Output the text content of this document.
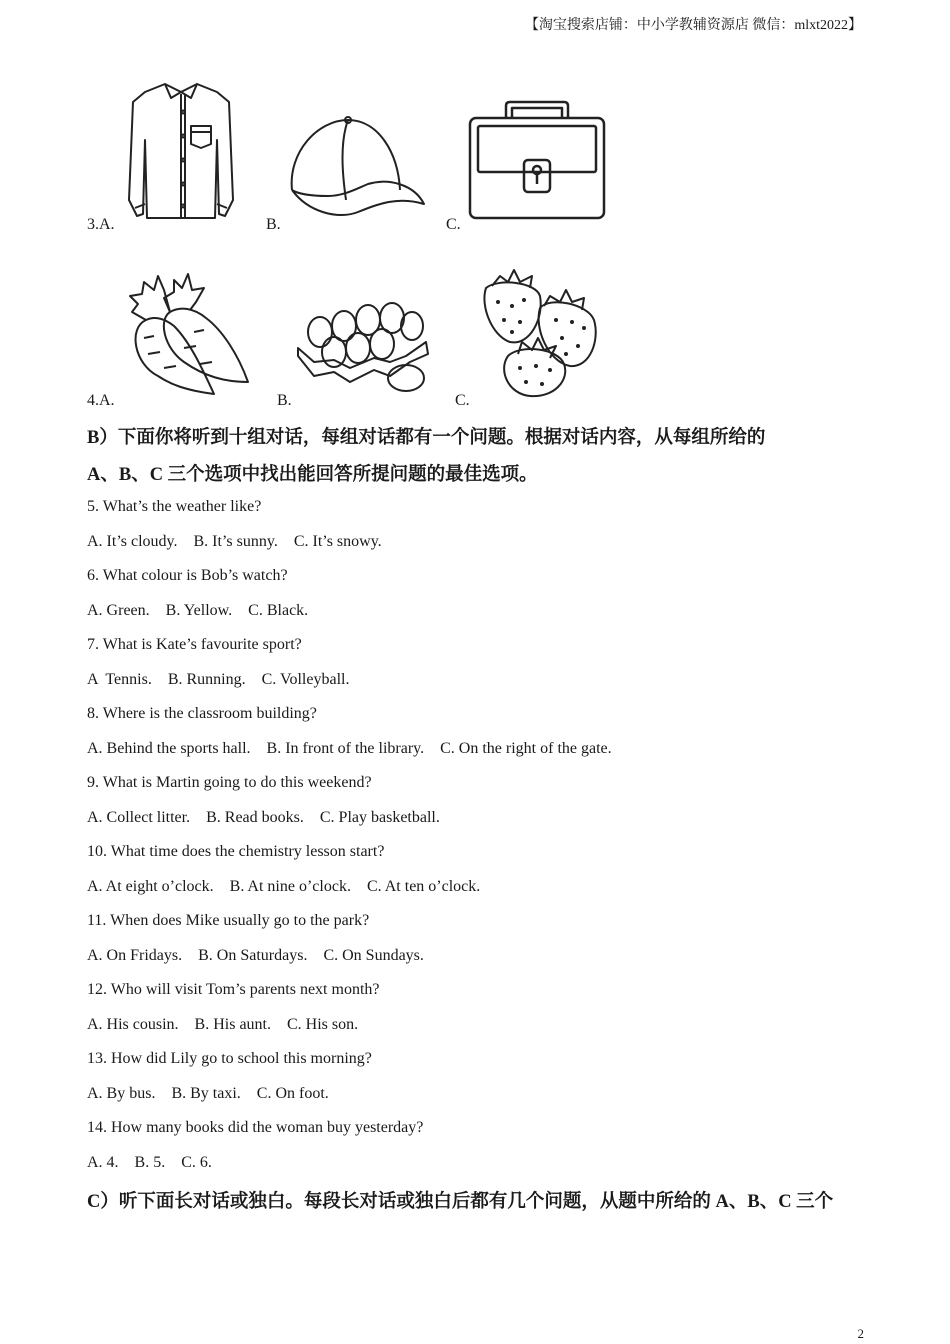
【淘宝搜索店铺：中小学教辅资源店 微信：mlxt2022】
3.A.	B.	C.
4.A.	B.	C.
B）下面你将听到十组对话，每组对话都有一个问题。根据对话内容，从每组所给的
A、B、C 三个选项中找出能回答所提问题的最佳选项。
5. What’s the weather like?
A. It’s cloudy.    B. It’s sunny.    C. It’s snowy.
6. What colour is Bob’s watch?
A. Green.    B. Yellow.    C. Black.
7. What is Kate’s favourite sport?
A  Tennis.    B. Running.    C. Volleyball.
8. Where is the classroom building?
A. Behind the sports hall.    B. In front of the library.    C. On the right of the gate.
9. What is Martin going to do this weekend?
A. Collect litter.    B. Read books.    C. Play basketball.
10. What time does the chemistry lesson start?
A. At eight o’clock.    B. At nine o’clock.    C. At ten o’clock.
11. When does Mike usually go to the park?
A. On Fridays.    B. On Saturdays.    C. On Sundays.
12. Who will visit Tom’s parents next month?
A. His cousin.    B. His aunt.    C. His son.
13. How did Lily go to school this morning?
A. By bus.    B. By taxi.    C. On foot.
14. How many books did the woman buy yesterday?
A. 4.    B. 5.    C. 6.
C）听下面长对话或独白。每段长对话或独白后都有几个问题，从题中所给的 A、B、C 三个
2
